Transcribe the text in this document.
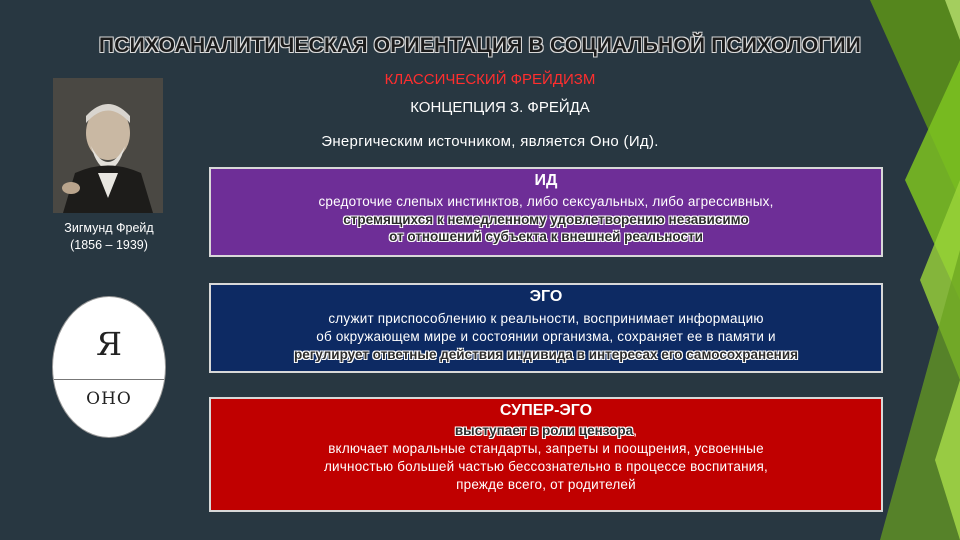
ПСИХОАНАЛИТИЧЕСКАЯ ОРИЕНТАЦИЯ В СОЦИАЛЬНОЙ ПСИХОЛОГИИ
КЛАССИЧЕСКИЙ ФРЕЙДИЗМ
КОНЦЕПЦИЯ З. ФРЕЙДА
Энергическим источником, является Оно (Ид).
Зигмунд Фрейд
(1856 – 1939)
Я
ОНО
ИД
средоточие слепых инстинктов, либо сексуальных, либо агрессивных,
стремящихся к немедленному удовлетворению независимо
от отношений субъекта к внешней реальности
ЭГО
служит приспособлению к реальности, воспринимает информацию
об окружающем мире и состоянии организма, сохраняет ее в памяти и
регулирует ответные действия индивида в интересах его самосохранения
СУПЕР-ЭГО
выступает в роли цензора,
включает моральные стандарты, запреты и поощрения, усвоенные
личностью большей частью бессознательно в процессе воспитания,
прежде всего, от родителей
